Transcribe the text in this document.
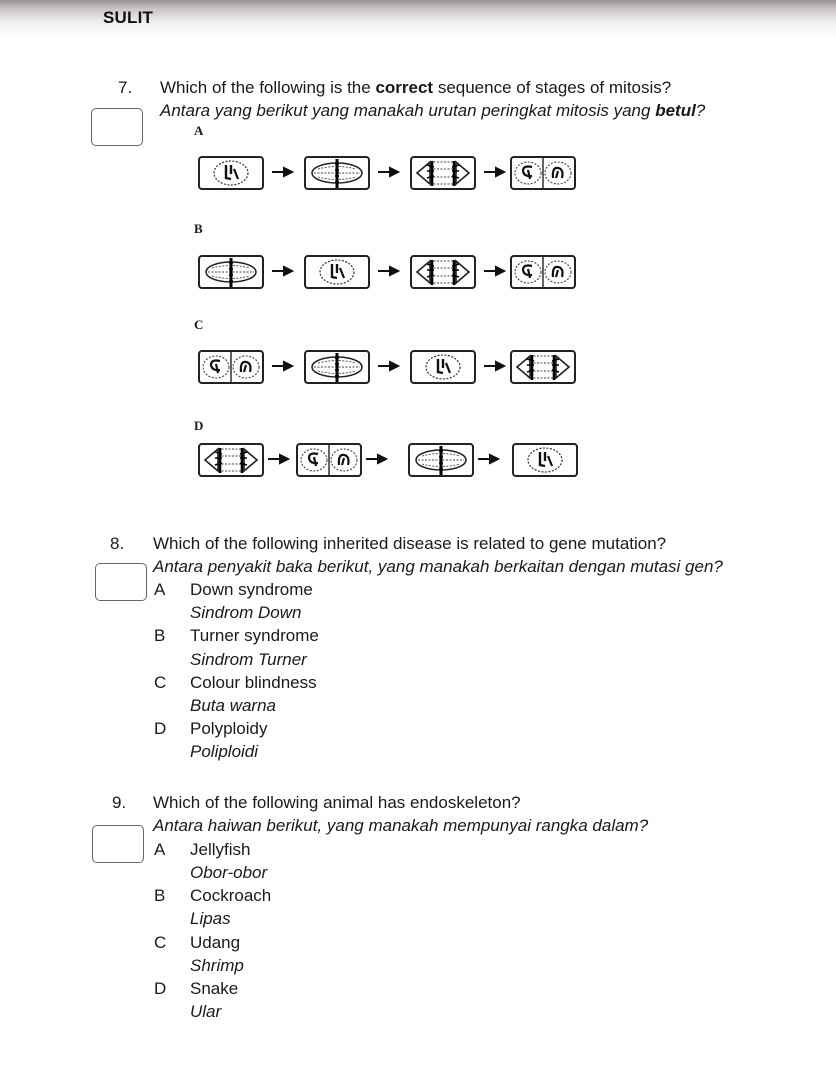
SULIT
7. Which of the following is the correct sequence of stages of mitosis?
Antara yang berikut yang manakah urutan peringkat mitosis yang betul?
A
B
C
D
8. Which of the following inherited disease is related to gene mutation?
Antara penyakit baka berikut, yang manakah berkaitan dengan mutasi gen?
A Down syndrome
Sindrom Down
B Turner syndrome
Sindrom Turner
C Colour blindness
Buta warna
D Polyploidy
Poliploidi
9. Which of the following animal has endoskeleton?
Antara haiwan berikut, yang manakah mempunyai rangka dalam?
A Jellyfish
Obor-obor
B Cockroach
Lipas
C Udang
Shrimp
D Snake
Ular
